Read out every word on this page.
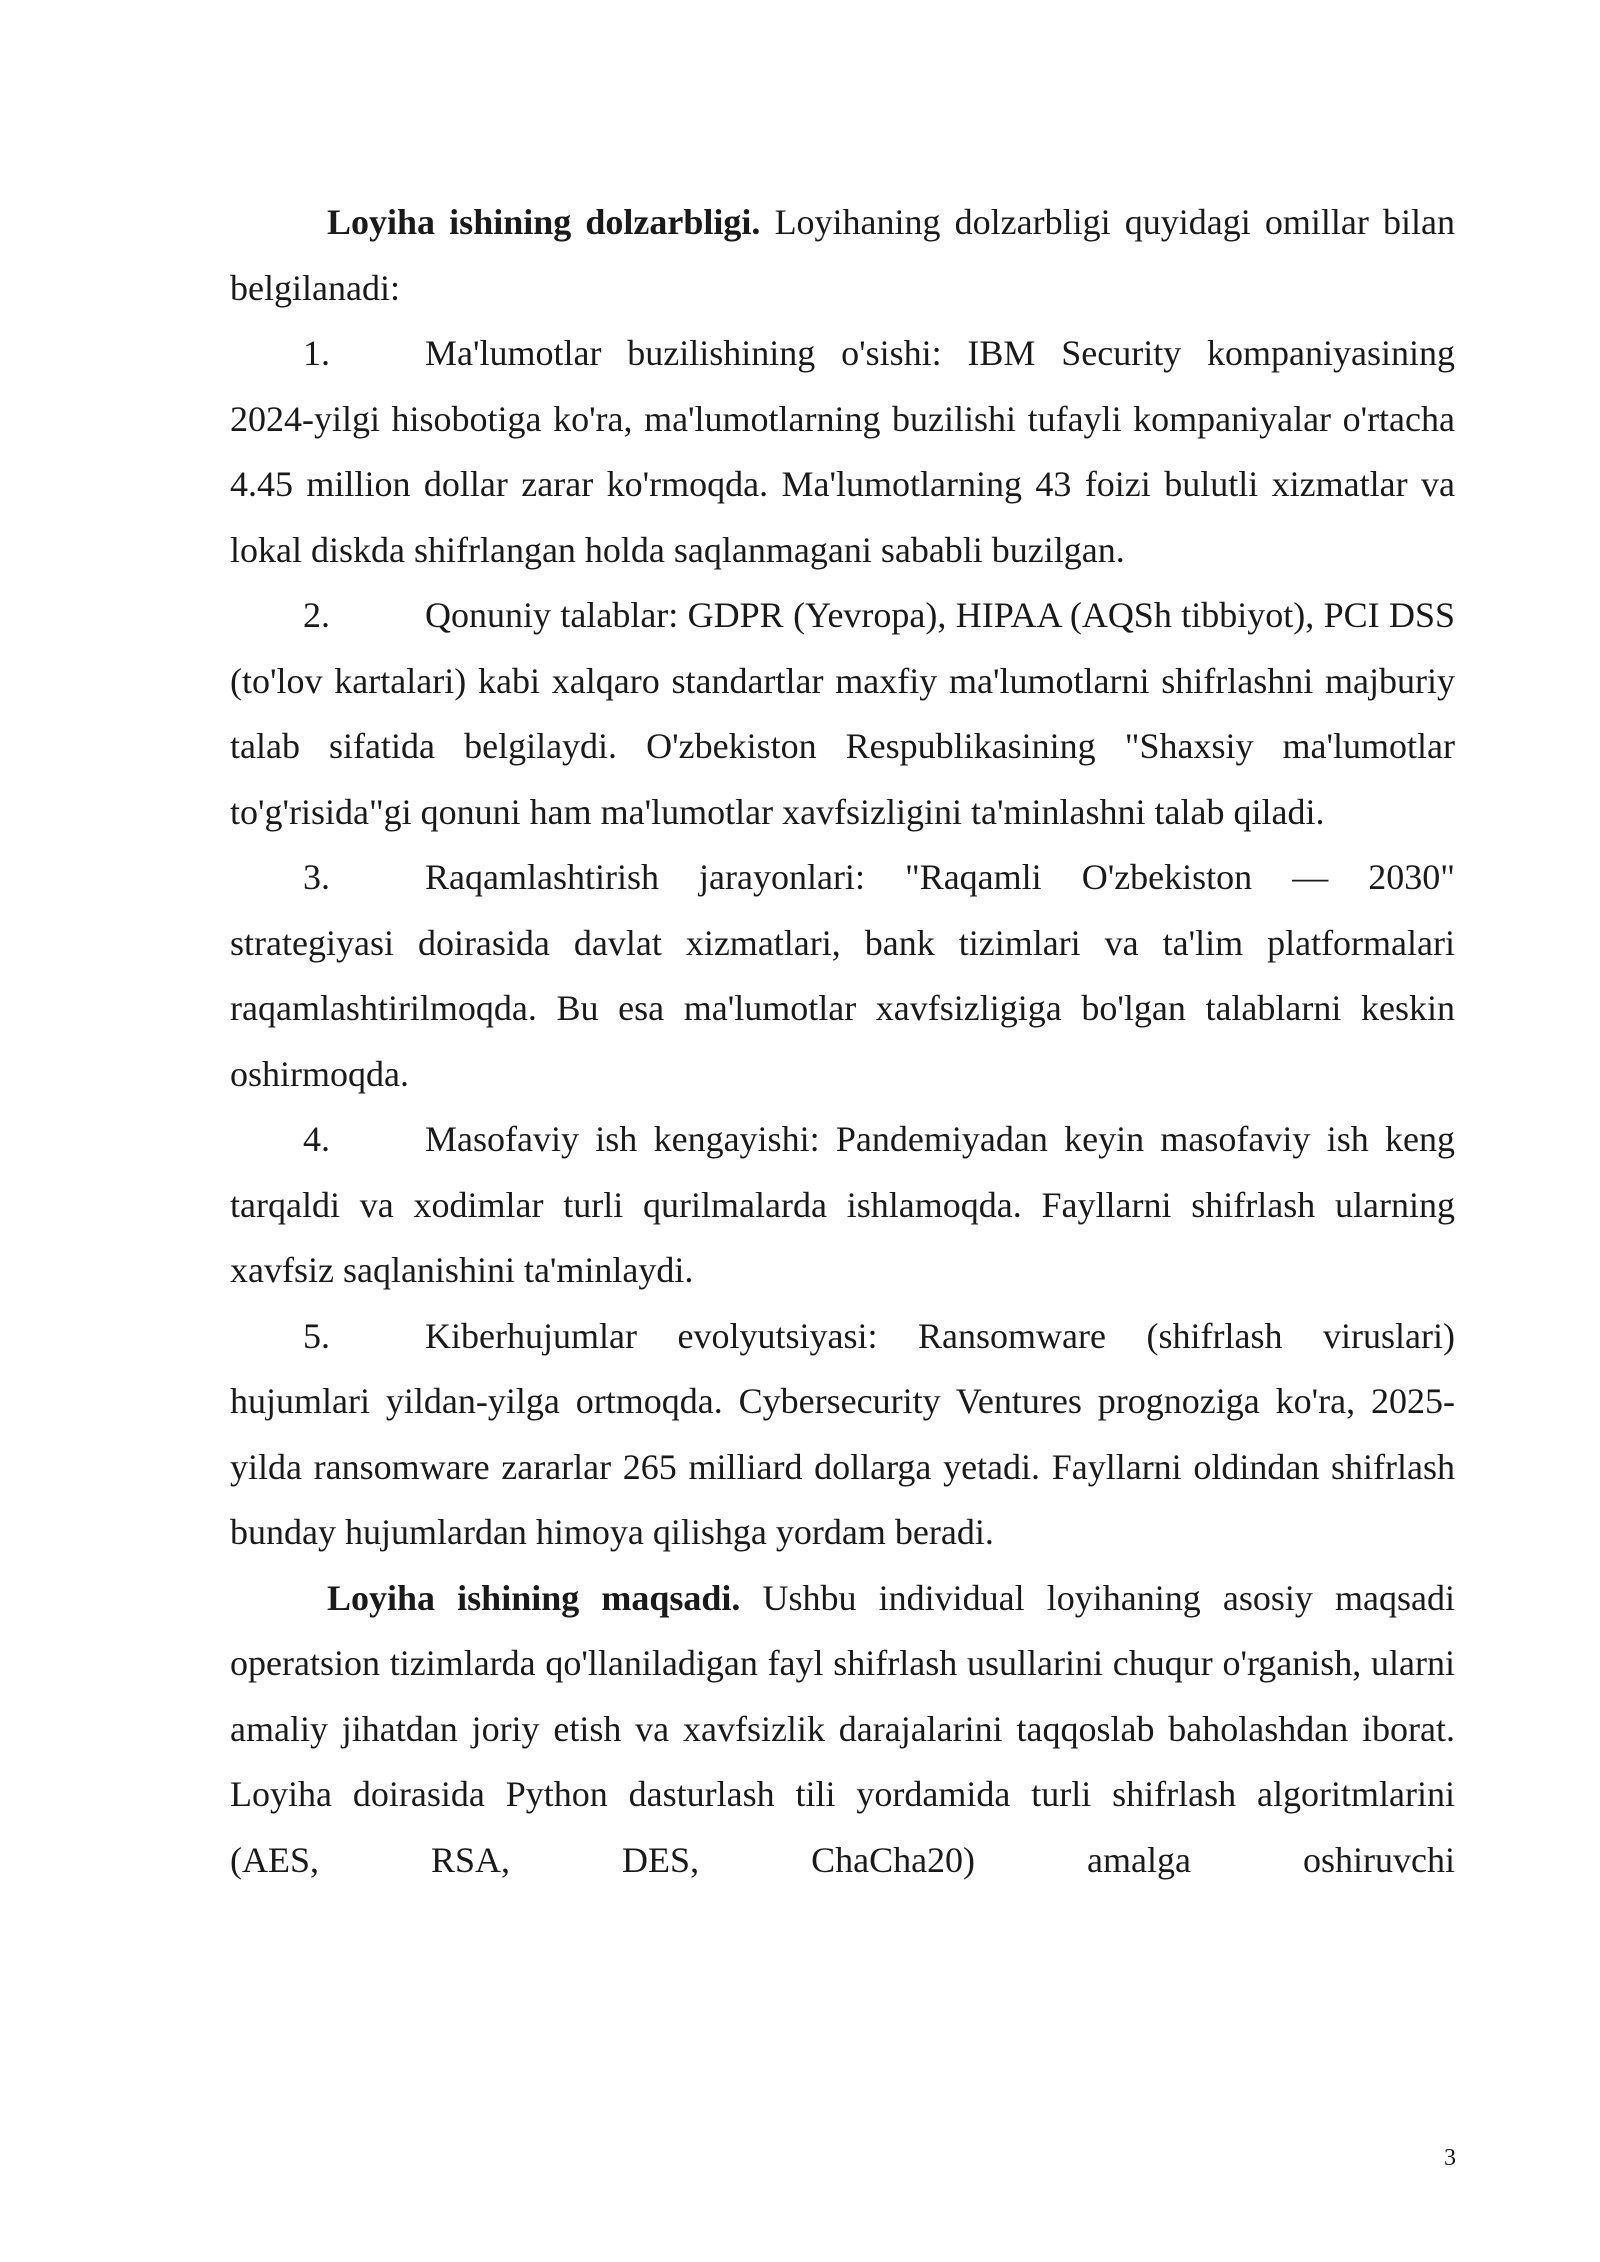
Loyiha ishining dolzarbligi. Loyihaning dolzarbligi quyidagi omillar bilan belgilanadi:

1.	Ma'lumotlar buzilishining o'sishi: IBM Security kompaniyasining 2024-yilgi hisobotiga ko'ra, ma'lumotlarning buzilishi tufayli kompaniyalar o'rtacha 4.45 million dollar zarar ko'rmoqda. Ma'lumotlarning 43 foizi bulutli xizmatlar va lokal diskda shifrlangan holda saqlanmagani sababli buzilgan.

2.	Qonuniy talablar: GDPR (Yevropa), HIPAA (AQSh tibbiyot), PCI DSS (to'lov kartalari) kabi xalqaro standartlar maxfiy ma'lumotlarni shifrlashni majburiy talab sifatida belgilaydi. O'zbekiston Respublikasining "Shaxsiy ma'lumotlar to'g'risida"gi qonuni ham ma'lumotlar xavfsizligini ta'minlashni talab qiladi.

3.	Raqamlashtirish jarayonlari: "Raqamli O'zbekiston — 2030" strategiyasi doirasida davlat xizmatlari, bank tizimlari va ta'lim platformalari raqamlashtirilmoqda. Bu esa ma'lumotlar xavfsizligiga bo'lgan talablarni keskin oshirmoqda.

4.	Masofaviy ish kengayishi: Pandemiyadan keyin masofaviy ish keng tarqaldi va xodimlar turli qurilmalarda ishlamoqda. Fayllarni shifrlash ularning xavfsiz saqlanishini ta'minlaydi.

5.	Kiberhujumlar evolyutsiyasi: Ransomware (shifrlash viruslari) hujumlari yildan-yilga ortmoqda. Cybersecurity Ventures prognoziga ko'ra, 2025-yilda ransomware zararlar 265 milliard dollarga yetadi. Fayllarni oldindan shifrlash bunday hujumlardan himoya qilishga yordam beradi.

Loyiha ishining maqsadi. Ushbu individual loyihaning asosiy maqsadi operatsion tizimlarda qo'llaniladigan fayl shifrlash usullarini chuqur o'rganish, ularni amaliy jihatdan joriy etish va xavfsizlik darajalarini taqqoslab baholashdan iborat. Loyiha doirasida Python dasturlash tili yordamida turli shifrlash algoritmlarini (AES, RSA, DES, ChaCha20) amalga oshiruvchi

3
